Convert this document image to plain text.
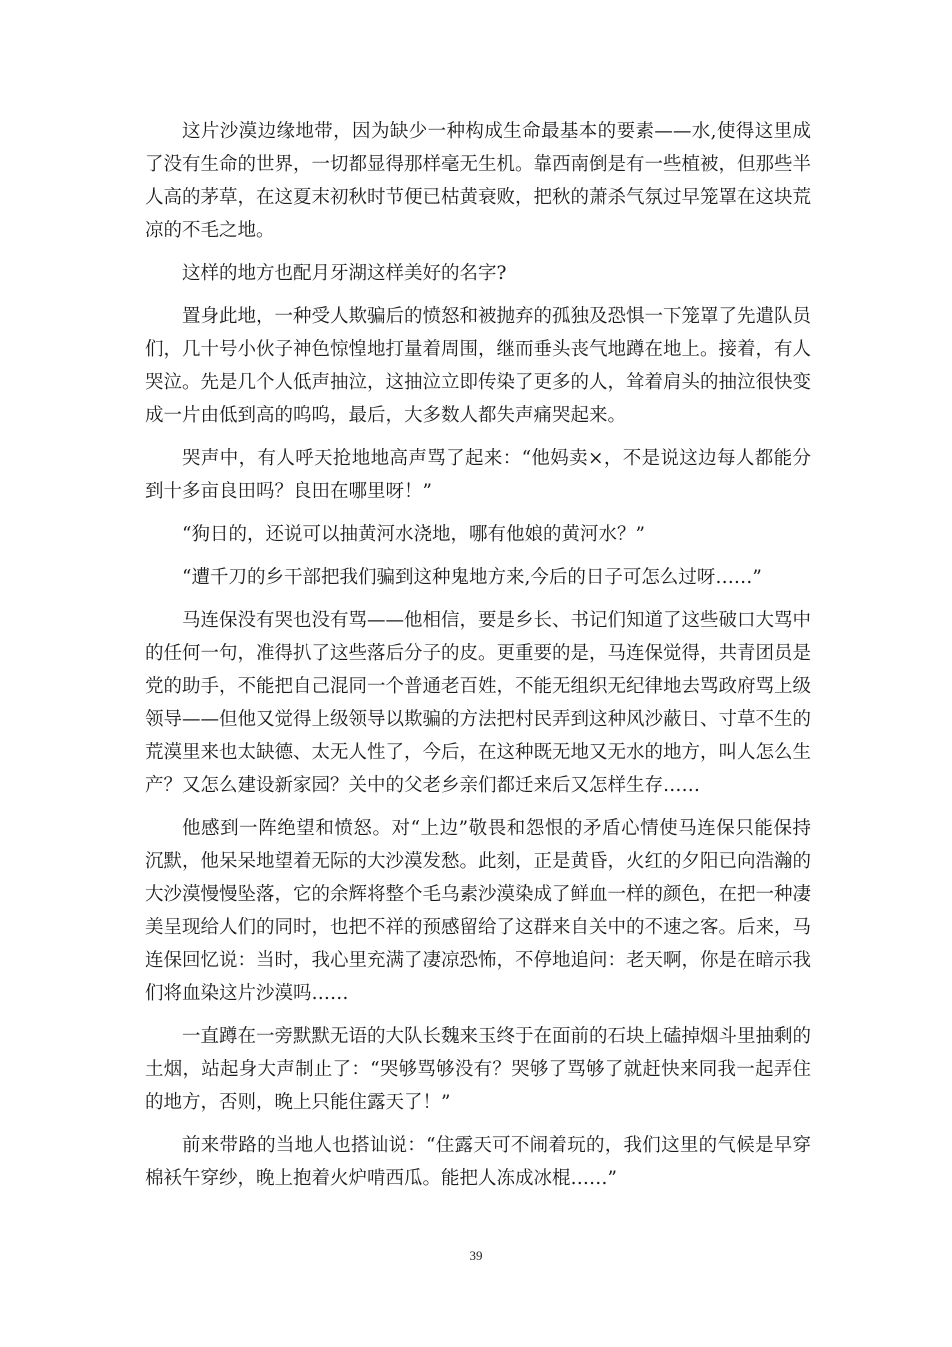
这片沙漠边缘地带，因为缺少一种构成生命最基本的要素——水,使得这里成了没有生命的世界，一切都显得那样毫无生机。靠西南倒是有一些植被，但那些半人高的茅草，在这夏末初秋时节便已枯黄衰败，把秋的萧杀气氛过早笼罩在这块荒凉的不毛之地。

这样的地方也配月牙湖这样美好的名字?

置身此地，一种受人欺骗后的愤怒和被抛弃的孤独及恐惧一下笼罩了先遣队员们，几十号小伙子神色惊惶地打量着周围，继而垂头丧气地蹲在地上。接着，有人哭泣。先是几个人低声抽泣，这抽泣立即传染了更多的人，耸着肩头的抽泣很快变成一片由低到高的呜呜，最后，大多数人都失声痛哭起来。

哭声中，有人呼天抢地地高声骂了起来：“他妈卖×，不是说这边每人都能分到十多亩良田吗？良田在哪里呀！”

“狗日的，还说可以抽黄河水浇地，哪有他娘的黄河水？”

“遭千刀的乡干部把我们骗到这种鬼地方来,今后的日子可怎么过呀……”

马连保没有哭也没有骂——他相信，要是乡长、书记们知道了这些破口大骂中的任何一句，准得扒了这些落后分子的皮。更重要的是，马连保觉得，共青团员是党的助手，不能把自己混同一个普通老百姓，不能无组织无纪律地去骂政府骂上级领导——但他又觉得上级领导以欺骗的方法把村民弄到这种风沙蔽日、寸草不生的荒漠里来也太缺德、太无人性了，今后，在这种既无地又无水的地方，叫人怎么生产？又怎么建设新家园？关中的父老乡亲们都迁来后又怎样生存……

他感到一阵绝望和愤怒。对“上边”敬畏和怨恨的矛盾心情使马连保只能保持沉默，他呆呆地望着无际的大沙漠发愁。此刻，正是黄昏，火红的夕阳已向浩瀚的大沙漠慢慢坠落，它的余辉将整个毛乌素沙漠染成了鲜血一样的颜色，在把一种凄美呈现给人们的同时，也把不祥的预感留给了这群来自关中的不速之客。后来，马连保回忆说：当时，我心里充满了凄凉恐怖，不停地追问：老天啊，你是在暗示我们将血染这片沙漠吗……

一直蹲在一旁默默无语的大队长魏来玉终于在面前的石块上磕掉烟斗里抽剩的土烟，站起身大声制止了：“哭够骂够没有？哭够了骂够了就赶快来同我一起弄住的地方，否则，晚上只能住露天了！”

前来带路的当地人也搭讪说：“住露天可不闹着玩的，我们这里的气候是早穿棉袄午穿纱，晚上抱着火炉啃西瓜。能把人冻成冰棍……”

39
